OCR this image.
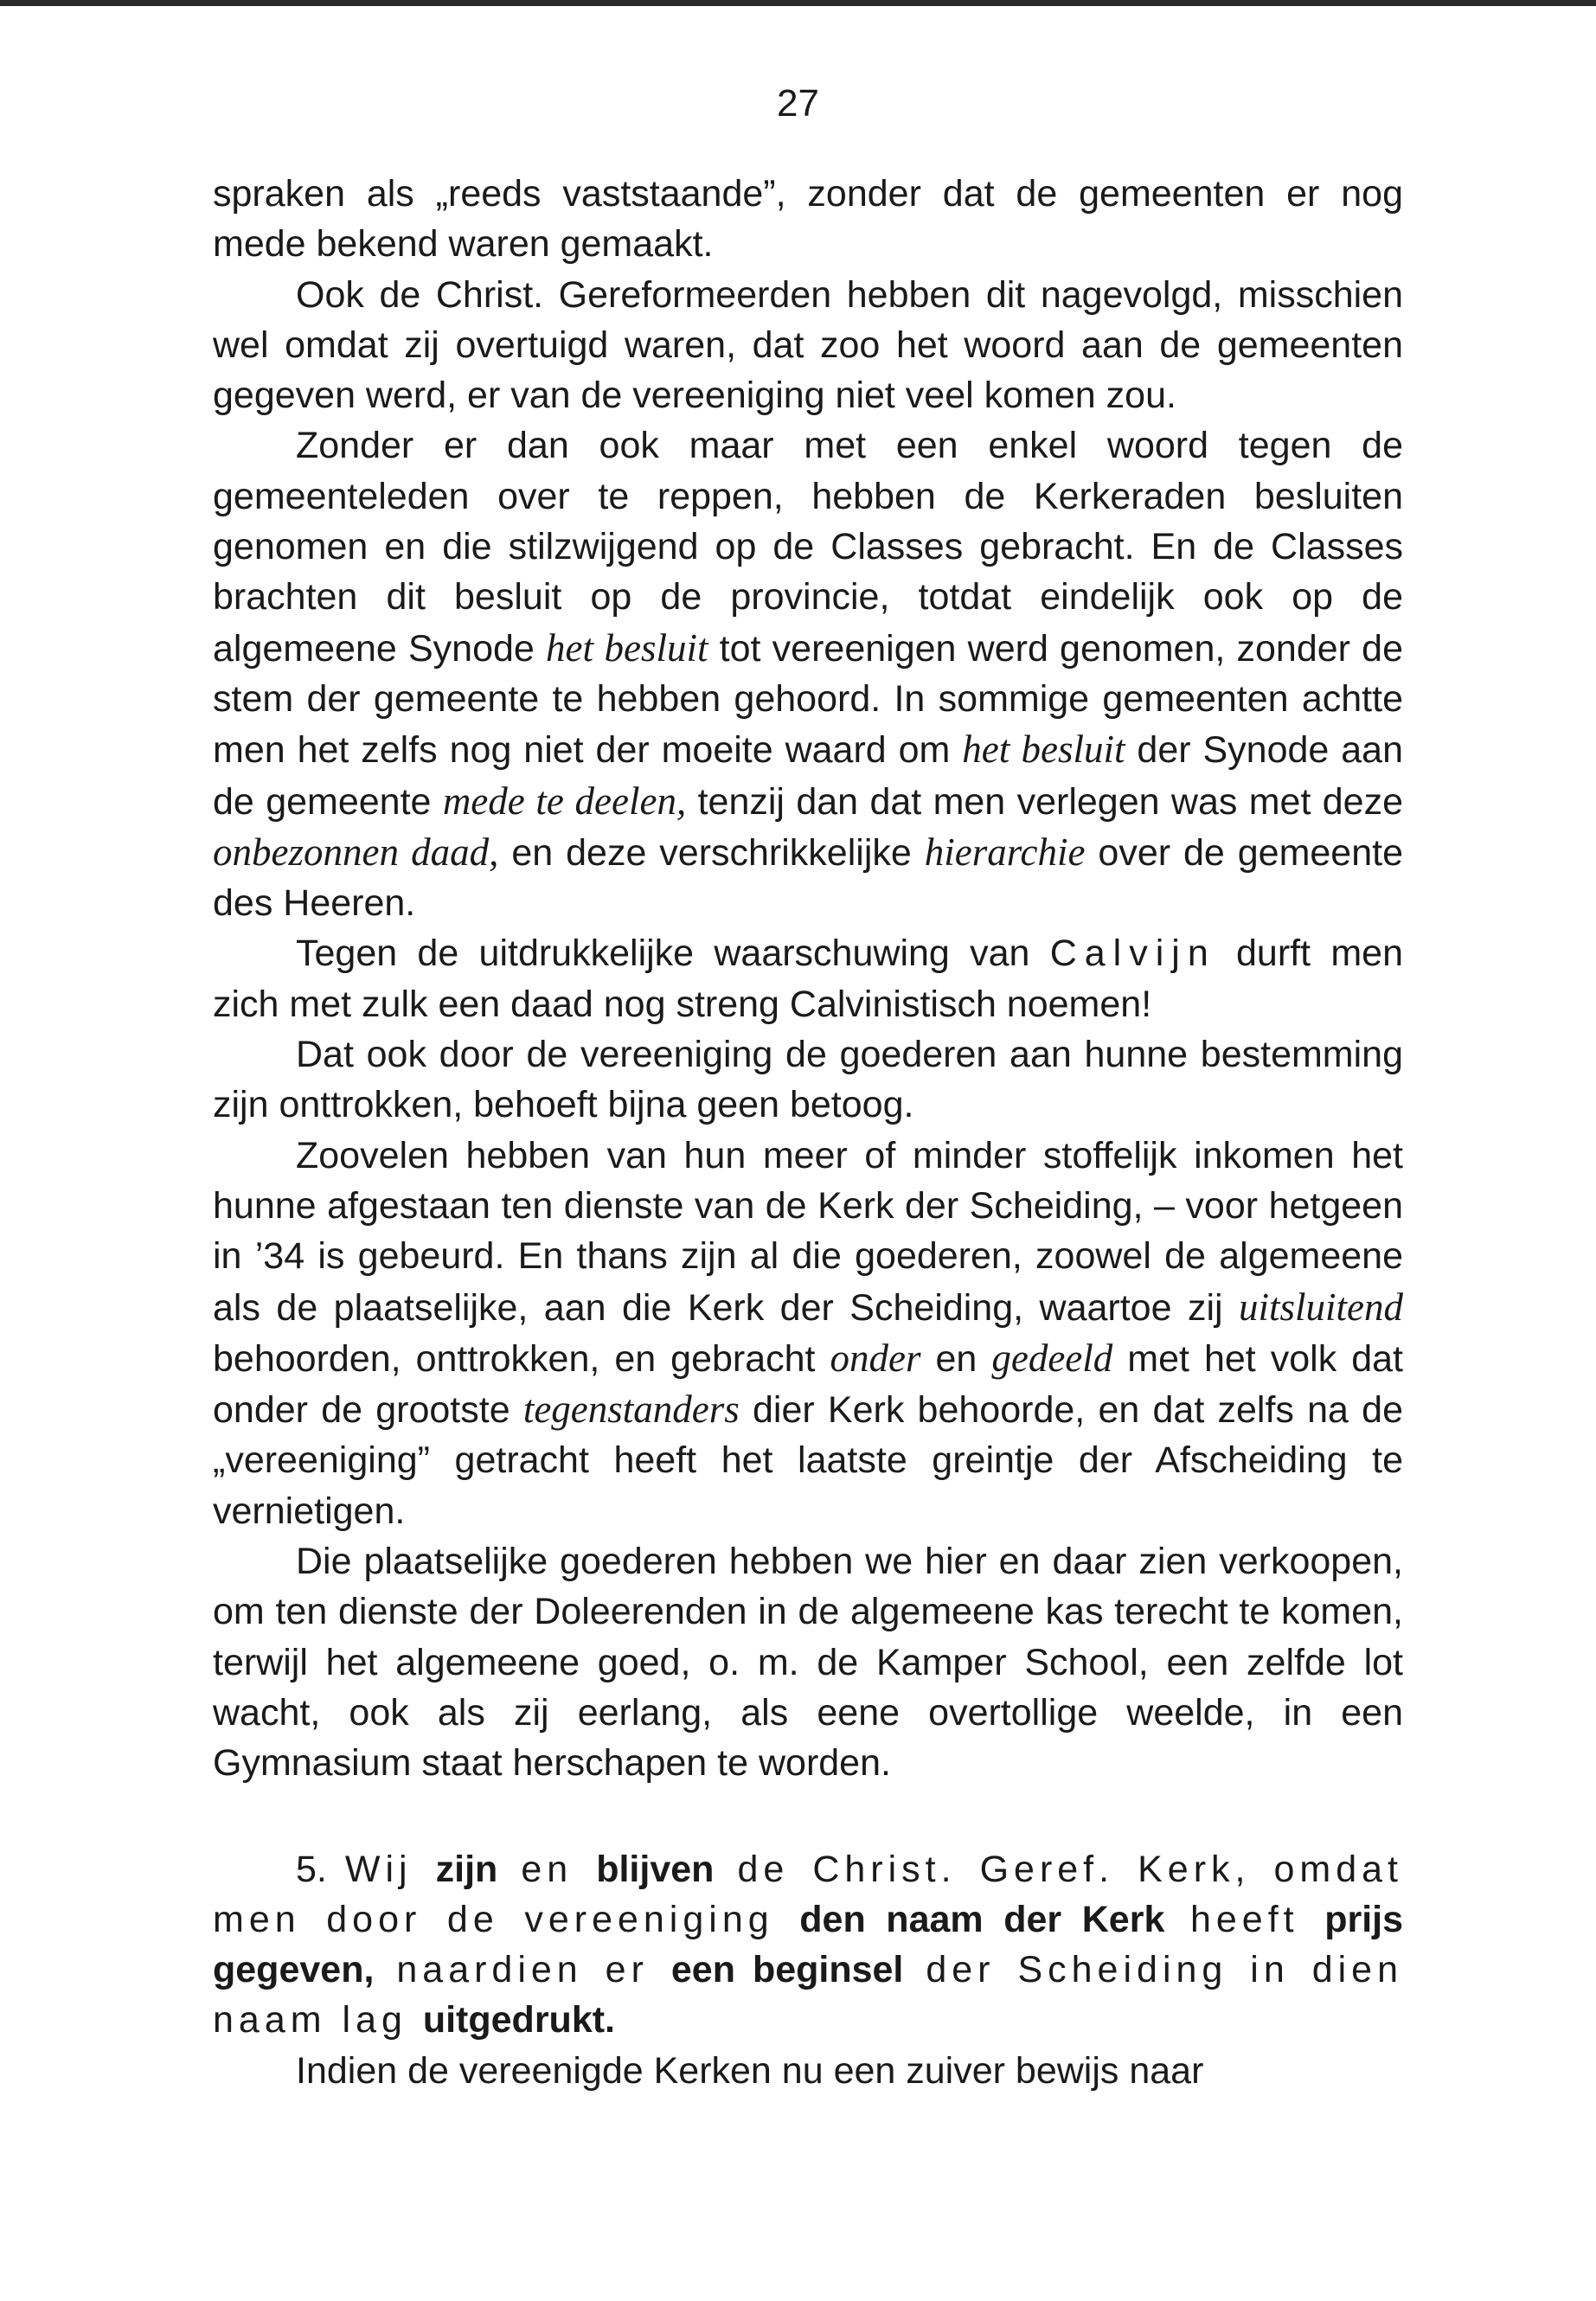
27

spraken als „reeds vaststaande”, zonder dat de gemeenten er nog mede bekend waren gemaakt.

Ook de Christ. Gereformeerden hebben dit nagevolgd, misschien wel omdat zij overtuigd waren, dat zoo het woord aan de gemeenten gegeven werd, er van de vereeniging niet veel komen zou.

Zonder er dan ook maar met een enkel woord tegen de gemeenteleden over te reppen, hebben de Kerkeraden besluiten genomen en die stilzwijgend op de Classes gebracht. En de Classes brachten dit besluit op de provincie, totdat eindelijk ook op de algemeene Synode het besluit tot vereenigen werd genomen, zonder de stem der gemeente te hebben gehoord. In sommige gemeenten achtte men het zelfs nog niet der moeite waard om het besluit der Synode aan de gemeente mede te deelen, tenzij dan dat men verlegen was met deze onbezonnen daad, en deze verschrikkelijke hierarchie over de gemeente des Heeren.

Tegen de uitdrukkelijke waarschuwing van Calvijn durft men zich met zulk een daad nog streng Calvinistisch noemen!

Dat ook door de vereeniging de goederen aan hunne bestemming zijn onttrokken, behoeft bijna geen betoog.

Zoovelen hebben van hun meer of minder stoffelijk inkomen het hunne afgestaan ten dienste van de Kerk der Scheiding, – voor hetgeen in ’34 is gebeurd. En thans zijn al die goederen, zoowel de algemeene als de plaatselijke, aan die Kerk der Scheiding, waartoe zij uitsluitend behoorden, onttrokken, en gebracht onder en gedeeld met het volk dat onder de grootste tegenstanders dier Kerk behoorde, en dat zelfs na de „vereeniging” getracht heeft het laatste greintje der Afscheiding te vernietigen.

Die plaatselijke goederen hebben we hier en daar zien verkoopen, om ten dienste der Doleerenden in de algemeene kas terecht te komen, terwijl het algemeene goed, o. m. de Kamper School, een zelfde lot wacht, ook als zij eerlang, als eene overtollige weelde, in een Gymnasium staat herschapen te worden.

5. Wij zijn en blijven de Christ. Geref. Kerk, omdat men door de vereeniging den naam der Kerk heeft prijs gegeven, naardien er een beginsel der Scheiding in dien naam lag uitgedrukt.

Indien de vereenigde Kerken nu een zuiver bewijs naar
